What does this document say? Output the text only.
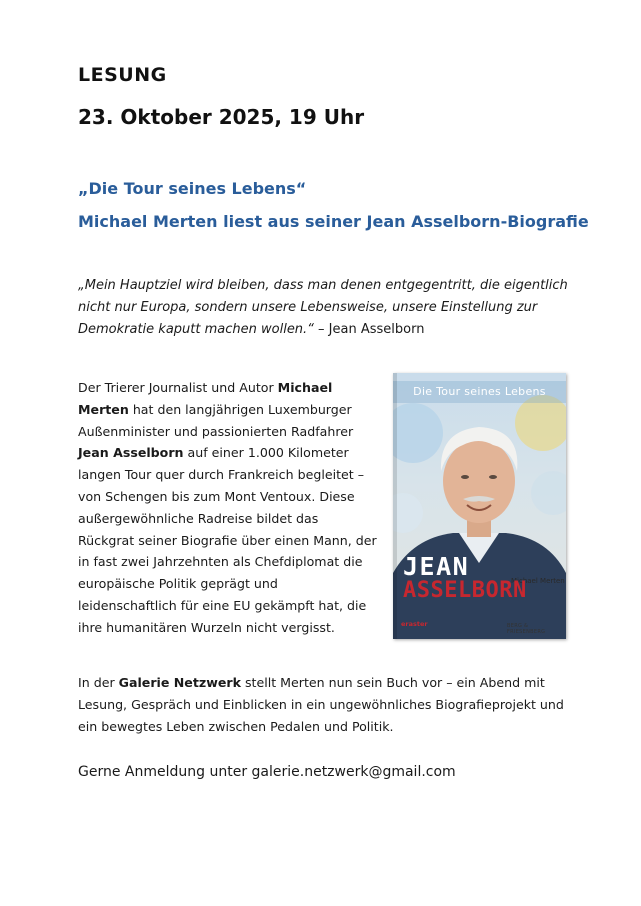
LESUNG
23. Oktober 2025, 19 Uhr
„Die Tour seines Lebens“
Michael Merten liest aus seiner Jean Asselborn-Biografie
„Mein Hauptziel wird bleiben, dass man denen entgegentritt, die eigentlich nicht nur Europa, sondern unsere Lebensweise, unsere Einstellung zur Demokratie kaputt machen wollen.“ – Jean Asselborn
Der Trierer Journalist und Autor Michael Merten hat den langjährigen Luxemburger Außenminister und passionierten Radfahrer Jean Asselborn auf einer 1.000 Kilometer langen Tour quer durch Frankreich begleitet – von Schengen bis zum Mont Ventoux. Diese außergewöhnliche Radreise bildet das Rückgrat seiner Biografie über einen Mann, der in fast zwei Jahrzehnten als Chefdiplomat die europäische Politik geprägt und leidenschaftlich für eine EU gekämpft hat, die ihre humanitären Wurzeln nicht vergisst.
Die Tour seines Lebens
JEAN	Michael Merten
ASSELBORN
eraster	BERG & FRIESENBERG
In der Galerie Netzwerk stellt Merten nun sein Buch vor – ein Abend mit Lesung, Gespräch und Einblicken in ein ungewöhnliches Biografieprojekt und ein bewegtes Leben zwischen Pedalen und Politik.
Gerne Anmeldung unter galerie.netzwerk@gmail.com
